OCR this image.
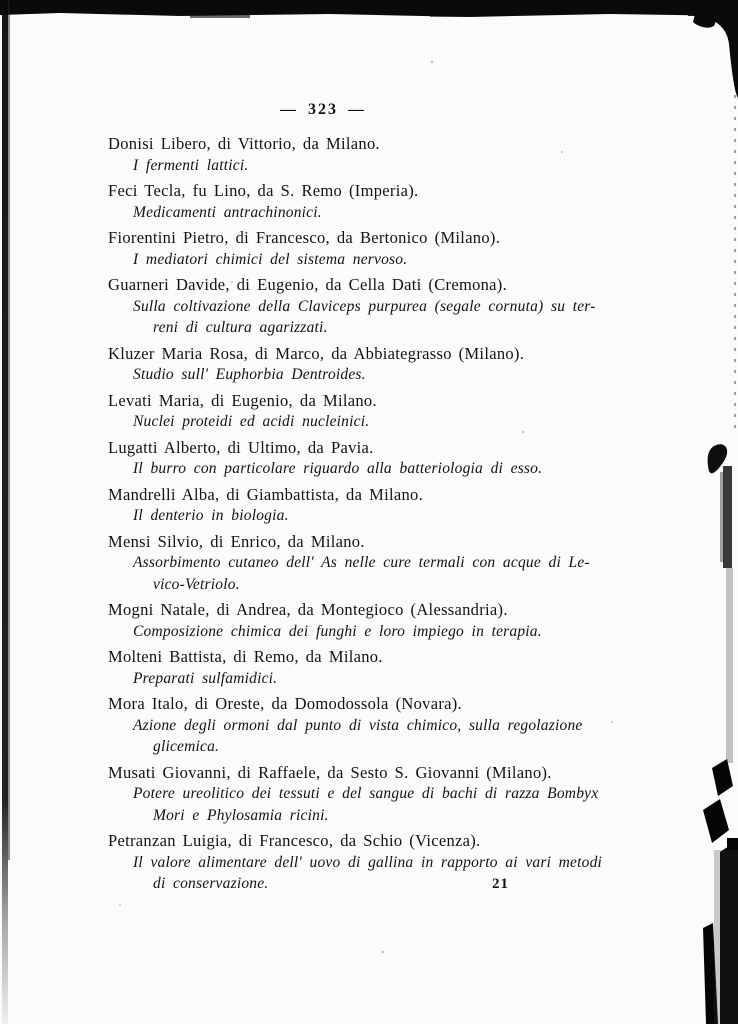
— 323 —
Donisi Libero, di Vittorio, da Milano.
I fermenti lattici.
Feci Tecla, fu Lino, da S. Remo (Imperia).
Medicamenti antrachinonici.
Fiorentini Pietro, di Francesco, da Bertonico (Milano).
I mediatori chimici del sistema nervoso.
Guarneri Davide, di Eugenio, da Cella Dati (Cremona).
Sulla coltivazione della Claviceps purpurea (segale cornuta) su ter-
reni di cultura agarizzati.
Kluzer Maria Rosa, di Marco, da Abbiategrasso (Milano).
Studio sull' Euphorbia Dentroides.
Levati Maria, di Eugenio, da Milano.
Nuclei proteidi ed acidi nucleinici.
Lugatti Alberto, di Ultimo, da Pavia.
Il burro con particolare riguardo alla batteriologia di esso.
Mandrelli Alba, di Giambattista, da Milano.
Il denterio in biologia.
Mensi Silvio, di Enrico, da Milano.
Assorbimento cutaneo dell' As nelle cure termali con acque di Le-
vico-Vetriolo.
Mogni Natale, di Andrea, da Montegioco (Alessandria).
Composizione chimica dei funghi e loro impiego in terapia.
Molteni Battista, di Remo, da Milano.
Preparati sulfamidici.
Mora Italo, di Oreste, da Domodossola (Novara).
Azione degli ormoni dal punto di vista chimico, sulla regolazione
glicemica.
Musati Giovanni, di Raffaele, da Sesto S. Giovanni (Milano).
Potere ureolitico dei tessuti e del sangue di bachi di razza Bombyx
Mori e Phylosamia ricini.
Petranzan Luigia, di Francesco, da Schio (Vicenza).
Il valore alimentare dell' uovo di gallina in rapporto ai vari metodi
di conservazione.	21
